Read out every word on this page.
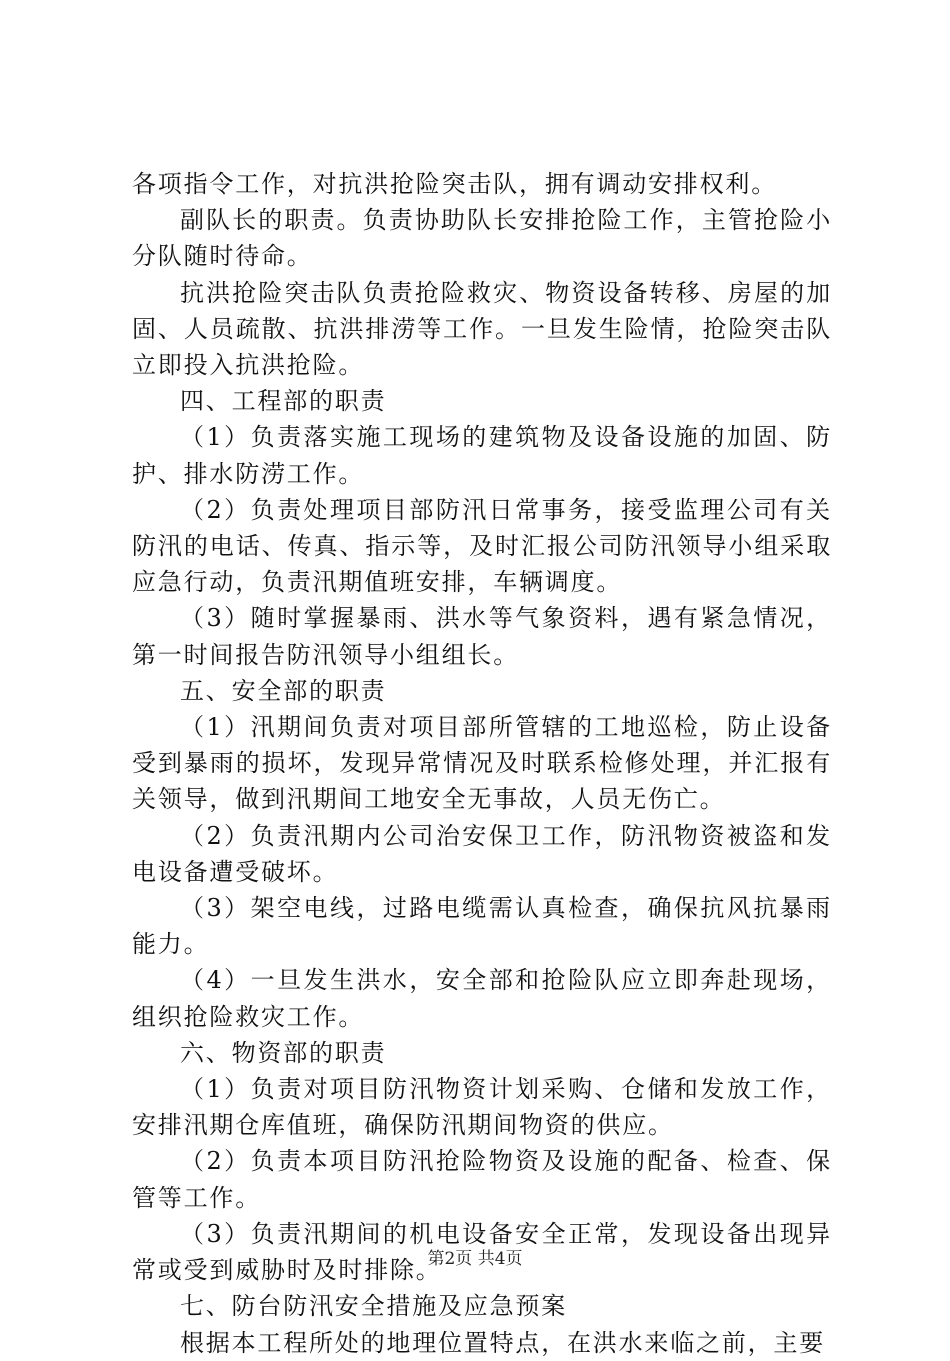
各项指令工作，对抗洪抢险突击队，拥有调动安排权利。

副队长的职责。负责协助队长安排抢险工作，主管抢险小分队随时待命。

抗洪抢险突击队负责抢险救灾、物资设备转移、房屋的加固、人员疏散、抗洪排涝等工作。一旦发生险情，抢险突击队立即投入抗洪抢险。

四、工程部的职责

（1）负责落实施工现场的建筑物及设备设施的加固、防护、排水防涝工作。

（2）负责处理项目部防汛日常事务，接受监理公司有关防汛的电话、传真、指示等，及时汇报公司防汛领导小组采取应急行动，负责汛期值班安排，车辆调度。

（3）随时掌握暴雨、洪水等气象资料，遇有紧急情况，第一时间报告防汛领导小组组长。

五、安全部的职责

（1）汛期间负责对项目部所管辖的工地巡检，防止设备受到暴雨的损坏，发现异常情况及时联系检修处理，并汇报有关领导，做到汛期间工地安全无事故，人员无伤亡。

（2）负责汛期内公司治安保卫工作，防汛物资被盗和发电设备遭受破坏。

（3）架空电线，过路电缆需认真检查，确保抗风抗暴雨能力。

（4）一旦发生洪水，安全部和抢险队应立即奔赴现场，组织抢险救灾工作。

六、物资部的职责

（1）负责对项目防汛物资计划采购、仓储和发放工作，安排汛期仓库值班，确保防汛期间物资的供应。

（2）负责本项目防汛抢险物资及设施的配备、检查、保管等工作。

（3）负责汛期间的机电设备安全正常，发现设备出现异常或受到威胁时及时排除。

七、防台防汛安全措施及应急预案

根据本工程所处的地理位置特点，在洪水来临之前，主要

第2页 共4页
